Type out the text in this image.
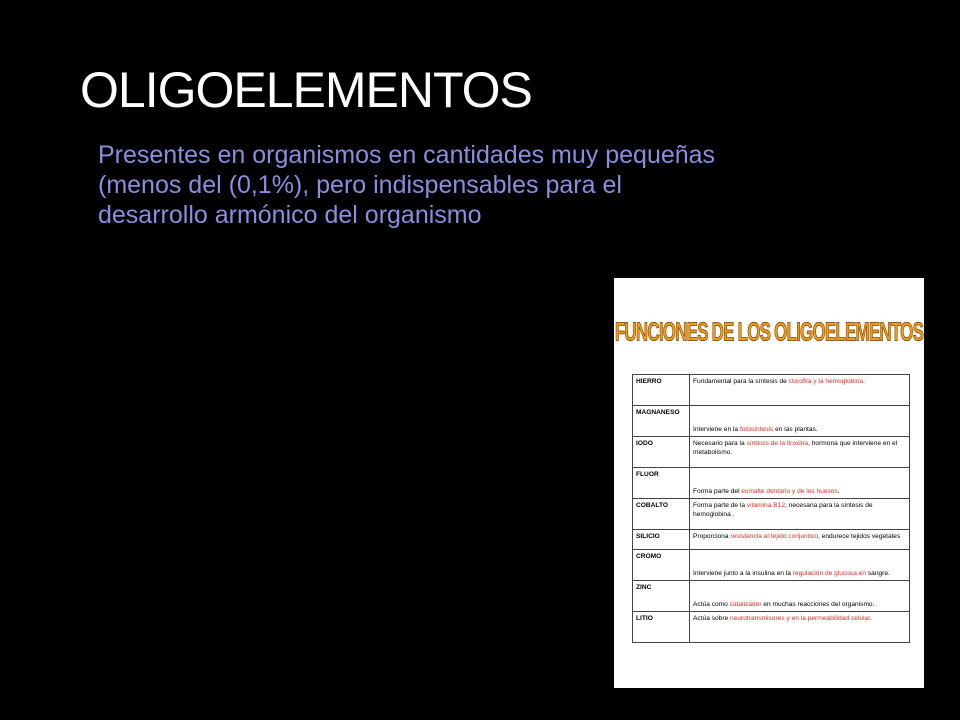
OLIGOELEMENTOS
Presentes en organismos en cantidades muy pequeñas (menos del (0,1%), pero indispensables para el desarrollo armónico del organismo
FUNCIONES DE LOS OLIGOELEMENTOS
HIERRO	Fundamental para la síntesis de clorofila y la hemoglobina.
MAGNANESO	Interviene en la fotosíntesis en las plantas.
IODO	Necesario para la síntesis de la tiroxina, hormona que interviene en el metabolismo.
FLUOR	Forma parte del esmalte dentario y de los huesos.
COBALTO	Forma parte de la vitamina B12, necesaria para la síntesis de hemoglobina .
SILICIO	Proporciona resistencia al tejido conjuntivo, endurece tejidos vegetales
CROMO	Interviene junto a la insulina en la regulación de glucosa en sangre.
ZINC	Actúa como catalizador en muchas reacciones del organismo.
LITIO	Actúa sobre neurotransmisores y en la permeabilidad celular.
